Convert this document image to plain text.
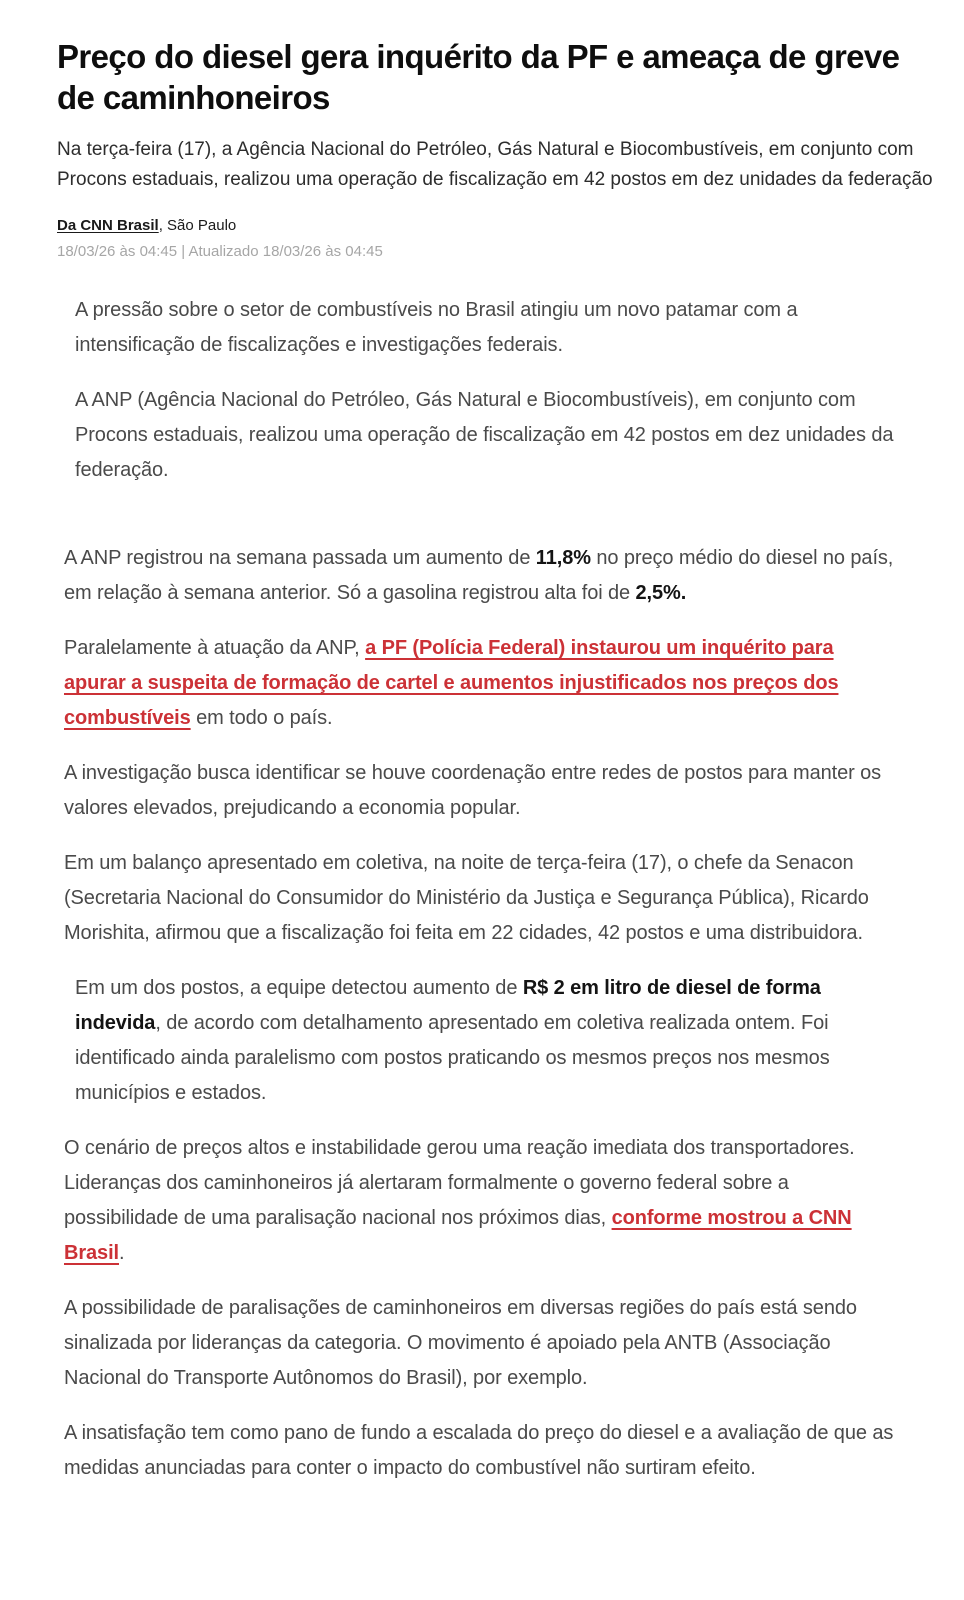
Preço do diesel gera inquérito da PF e ameaça de greve de caminhoneiros

Na terça-feira (17), a Agência Nacional do Petróleo, Gás Natural e Biocombustíveis, em conjunto com Procons estaduais, realizou uma operação de fiscalização em 42 postos em dez unidades da federação

Da CNN Brasil, São Paulo
18/03/26 às 04:45 | Atualizado 18/03/26 às 04:45

A pressão sobre o setor de combustíveis no Brasil atingiu um novo patamar com a intensificação de fiscalizações e investigações federais.

A ANP (Agência Nacional do Petróleo, Gás Natural e Biocombustíveis), em conjunto com Procons estaduais, realizou uma operação de fiscalização em 42 postos em dez unidades da federação.

A ANP registrou na semana passada um aumento de 11,8% no preço médio do diesel no país, em relação à semana anterior. Só a gasolina registrou alta foi de 2,5%.

Paralelamente à atuação da ANP, a PF (Polícia Federal) instaurou um inquérito para apurar a suspeita de formação de cartel e aumentos injustificados nos preços dos combustíveis em todo o país.

A investigação busca identificar se houve coordenação entre redes de postos para manter os valores elevados, prejudicando a economia popular.

Em um balanço apresentado em coletiva, na noite de terça-feira (17), o chefe da Senacon (Secretaria Nacional do Consumidor do Ministério da Justiça e Segurança Pública), Ricardo Morishita, afirmou que a fiscalização foi feita em 22 cidades, 42 postos e uma distribuidora.

Em um dos postos, a equipe detectou aumento de R$ 2 em litro de diesel de forma indevida, de acordo com detalhamento apresentado em coletiva realizada ontem. Foi identificado ainda paralelismo com postos praticando os mesmos preços nos mesmos municípios e estados.

O cenário de preços altos e instabilidade gerou uma reação imediata dos transportadores. Lideranças dos caminhoneiros já alertaram formalmente o governo federal sobre a possibilidade de uma paralisação nacional nos próximos dias, conforme mostrou a CNN Brasil.

A possibilidade de paralisações de caminhoneiros em diversas regiões do país está sendo sinalizada por lideranças da categoria. O movimento é apoiado pela ANTB (Associação Nacional do Transporte Autônomos do Brasil), por exemplo.

A insatisfação tem como pano de fundo a escalada do preço do diesel e a avaliação de que as medidas anunciadas para conter o impacto do combustível não surtiram efeito.
